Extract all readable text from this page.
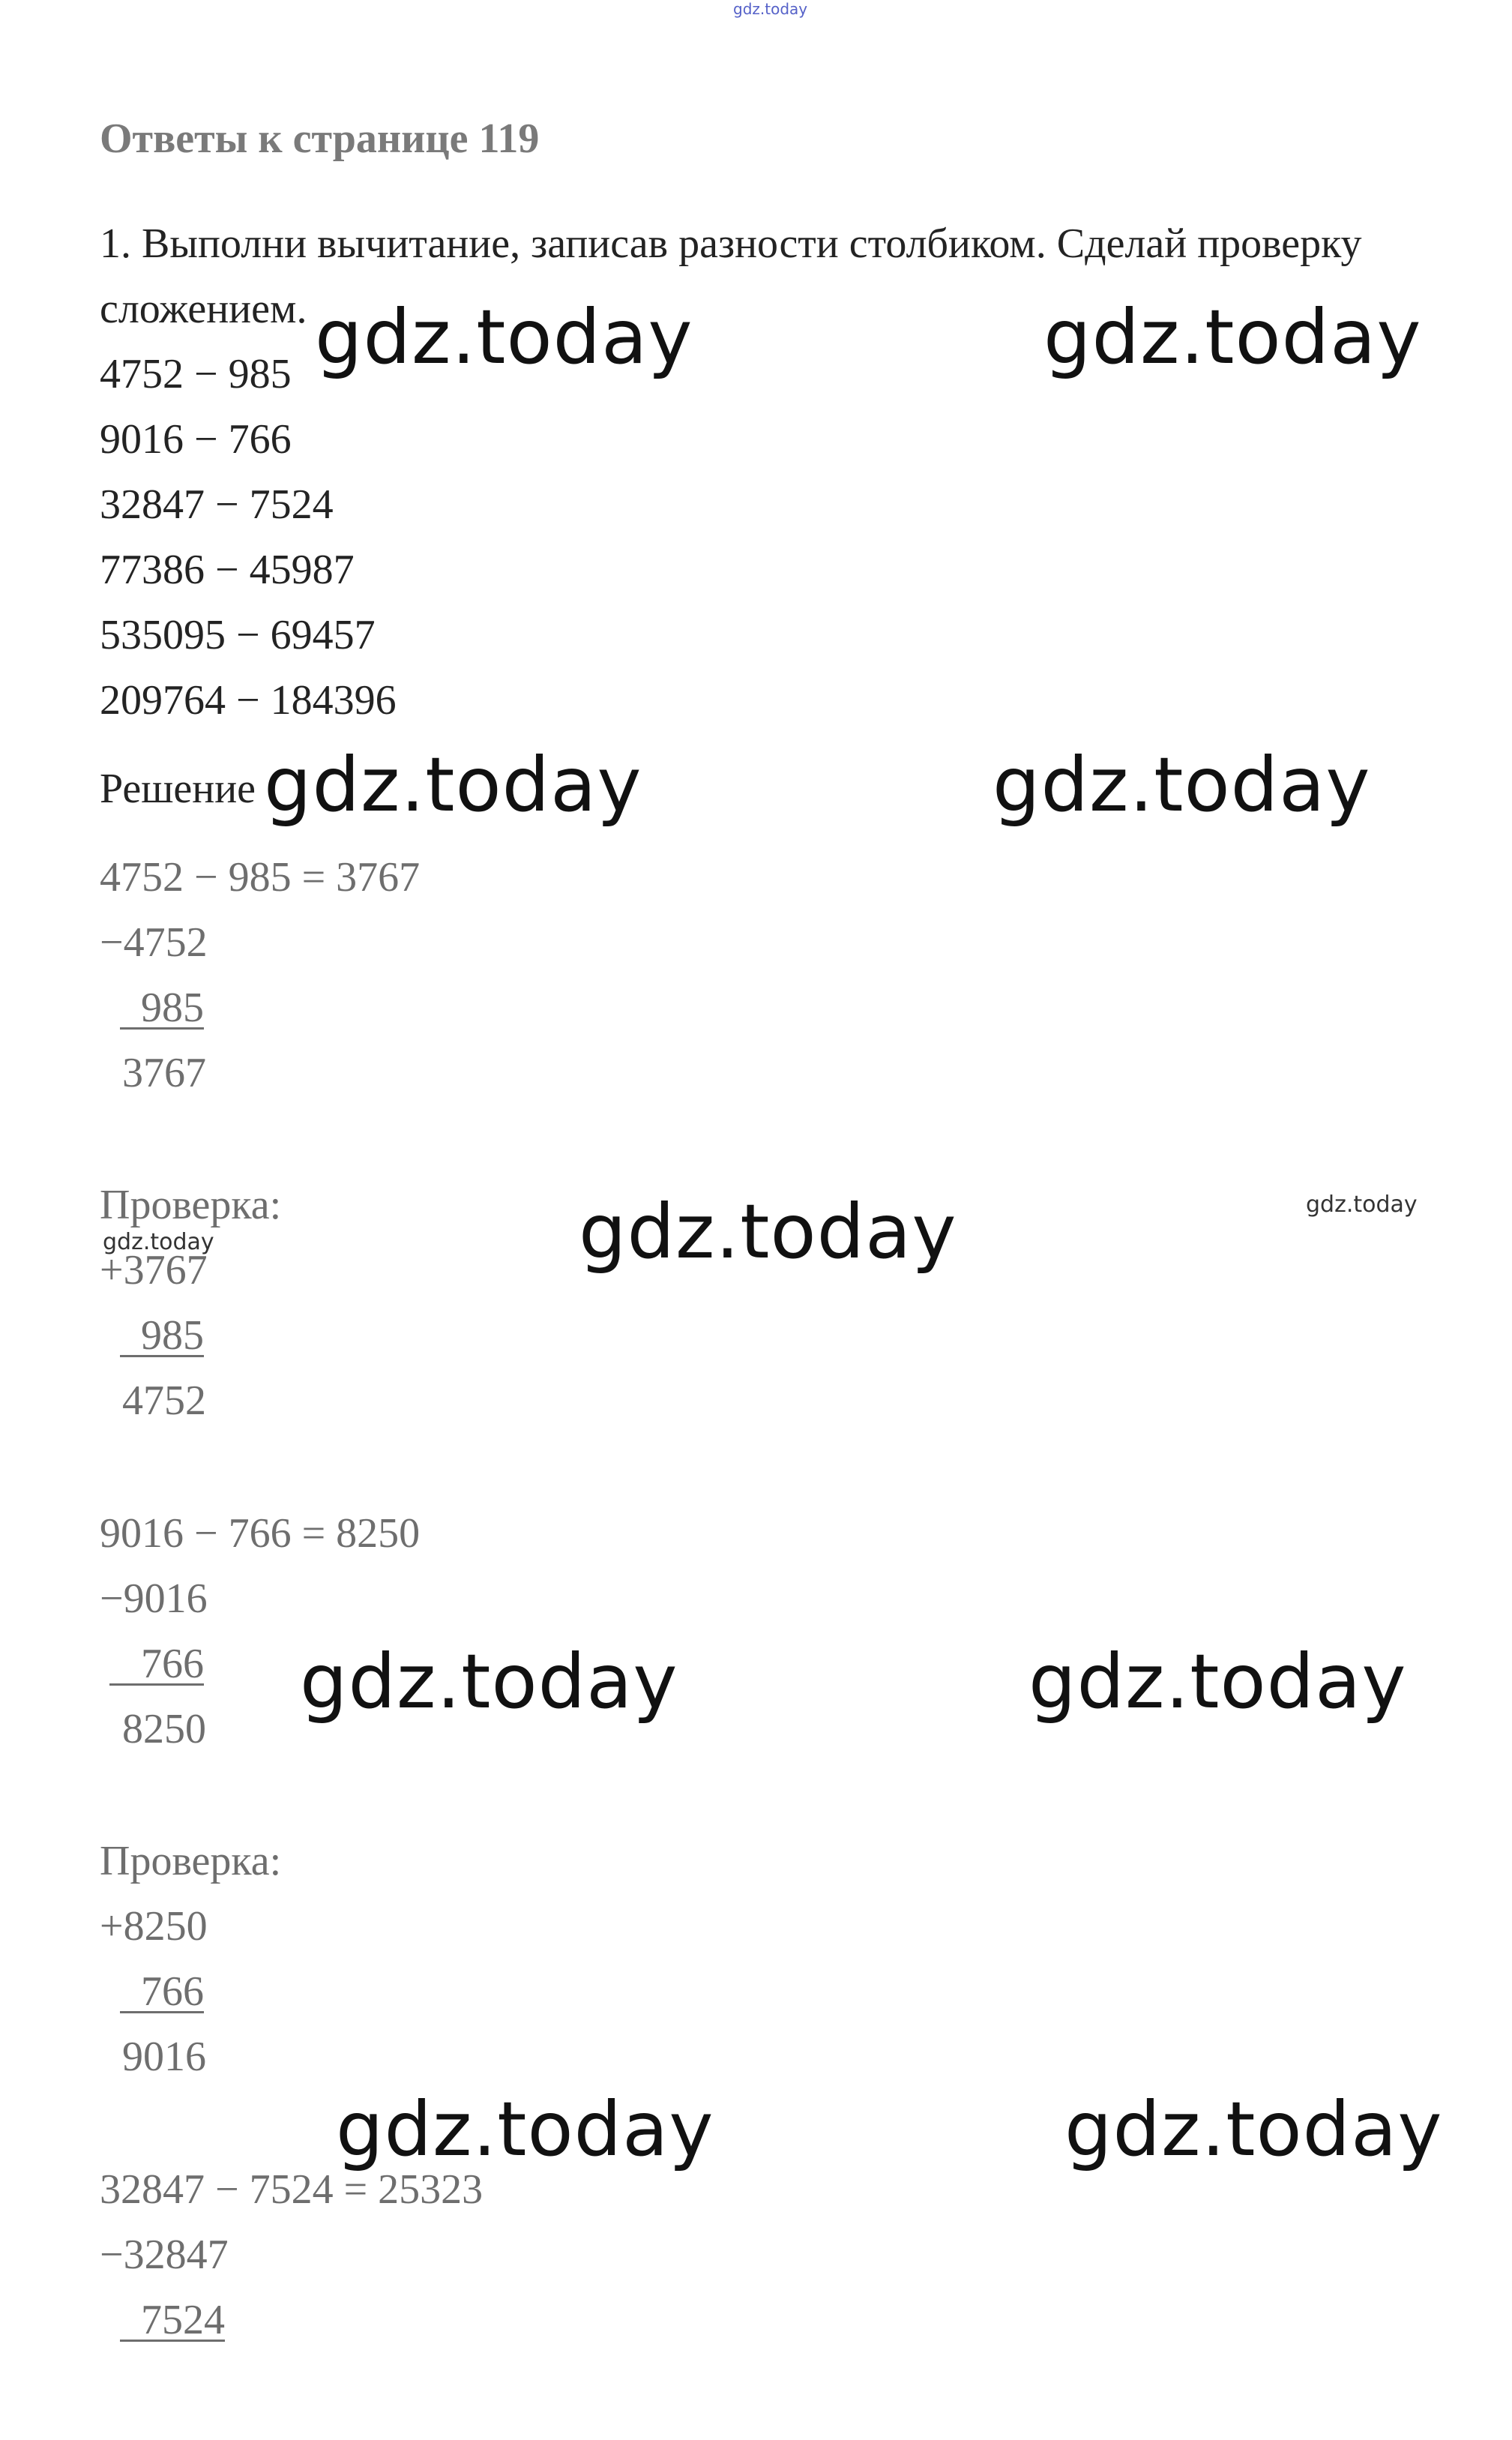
gdz.today
Ответы к странице 119
1. Выполни вычитание, записав разности столбиком. Сделай проверку
сложением.
4752 − 985
9016 − 766
32847 − 7524
77386 − 45987
535095 − 69457
209764 − 184396
Решение
4752 − 985 = 3767
−4752
985
3767
Проверка:
+3767
985
4752
9016 − 766 = 8250
−9016
766
8250
Проверка:
+8250
766
9016
32847 − 7524 = 25323
−32847
7524
gdz.today	gdz.today
gdz.today	gdz.today
gdz.today
gdz.today
gdz.today
gdz.today	gdz.today
gdz.today	gdz.today
